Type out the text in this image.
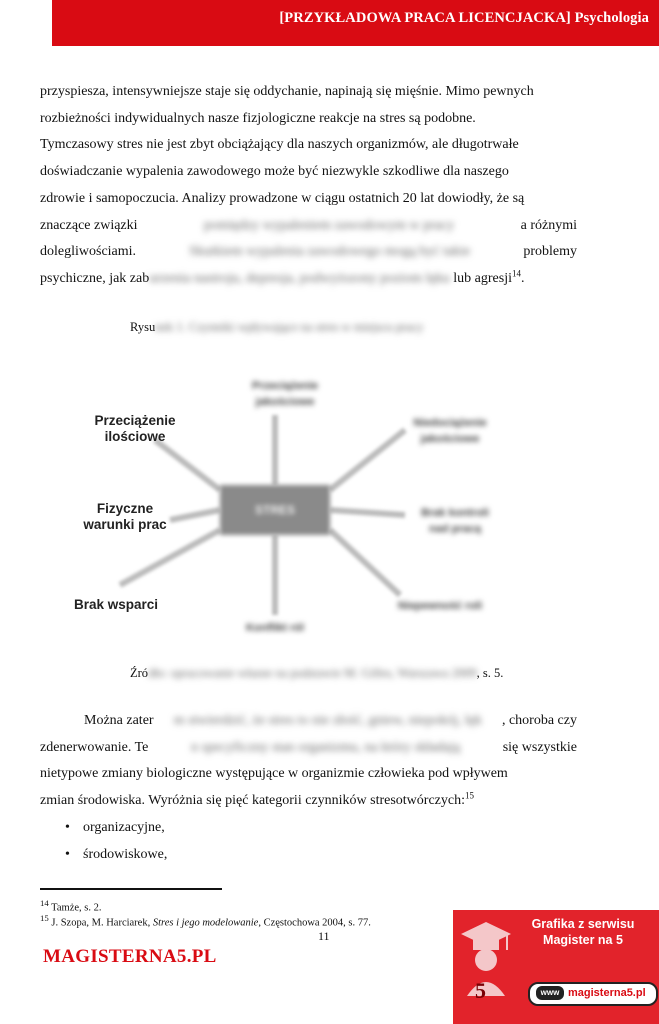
[PRZYKŁADOWA PRACA LICENCJACKA] Psychologia
przyspiesza, intensywniejsze staje się oddychanie, napinają się mięśnie. Mimo pewnych
rozbieżności indywidualnych nasze fizjologiczne reakcje na stres są podobne.
Tymczasowy stres nie jest zbyt obciążający dla naszych organizmów, ale długotrwałe
doświadczanie wypalenia zawodowego może być niezwykle szkodliwe dla naszego
zdrowie i samopoczucia. Analizy prowadzone w ciągu ostatnich 20 lat dowiodły, że są
znaczące związki	pomiędzy wypaleniem zawodowym w pracy	a różnymi
dolegliwościami.	Skutkiem wypalenia zawodowego mogą być takie	problemy
psychiczne, jak zaburzenia nastroju, depresja, podwyższony poziom lęku lub agresji$^{14}$.
Rysunek 1. Czynniki wpływające na stres w miejscu pracy
STRES
Przeciążenie jakościowe
Przeciążenie
ilościowe
Fizyczne
warunki prac
Brak wsparci
Niedociążenie jakościowe
Brak kontroli nad pracą
Niepewność roli
Konflikt ról
Źródło: opracowanie własne na podstawie M. Gilles, Warszawa 2009, s. 5.
Można zater m stwierdzić, że stres to nie złość, gniew, niepokój, lęk , choroba czy
zdenerwowanie. Te	n specyficzny stan organizmu, na który składają	się wszystkie
nietypowe zmiany biologiczne występujące w organizmie człowieka pod wpływem
zmian środowiska. Wyróżnia się pięć kategorii czynników stresotwórczych:$^{15}$
• organizacyjne,
• środowiskowe,
$^{14}$ Tamże, s. 2.
$^{15}$ J. Szopa, M. Harciarek, Stres i jego modelowanie, Częstochowa 2004, s. 77.
11
MAGISTERNA5.PL
5
Grafika z serwisu
Magister na 5
www magisterna5.pl
